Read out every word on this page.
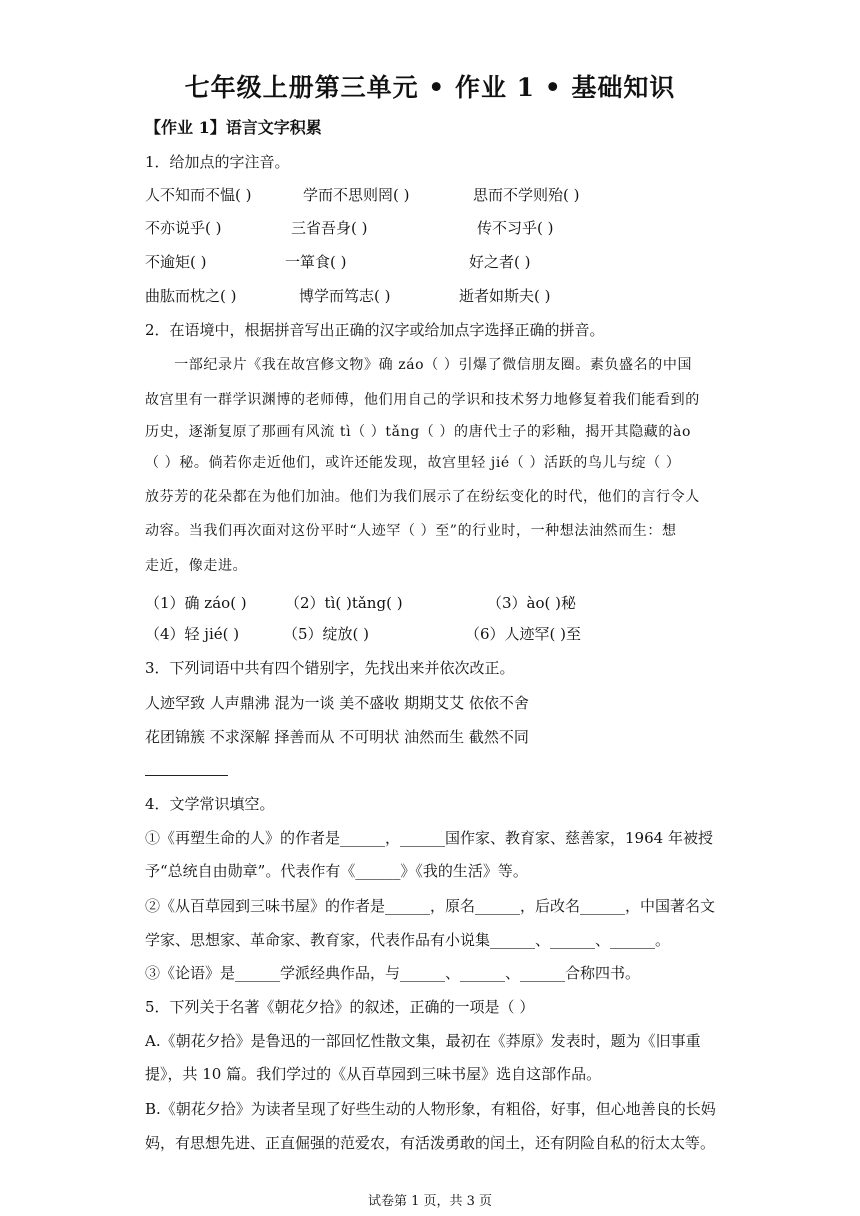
七年级上册第三单元 • 作业 1 • 基础知识
【作业 1】语言文字积累
1．给加点的字注音。
人不知而不愠( )	学而不思则罔( )	思而不学则殆( )
不亦说乎( )	三省吾身( )	传不习乎( )
不逾矩( )	一箪食( )	好之者( )
曲肱而枕之( )	博学而笃志( )	逝者如斯夫( )
2．在语境中，根据拼音写出正确的汉字或给加点字选择正确的拼音。
　　一部纪录片《我在故宫修文物》确 záo（ ）引爆了微信朋友圈。素负盛名的中国
故宫里有一群学识渊博的老师傅，他们用自己的学识和技术努力地修复着我们能看到的
历史，逐渐复原了那画有风流 tì（ ）tǎng（ ）的唐代士子的彩釉，揭开其隐藏的ào
（ ）秘。倘若你走近他们，或许还能发现，故宫里轻 jié（ ）活跃的鸟儿与绽（ ）
放芬芳的花朵都在为他们加油。他们为我们展示了在纷纭变化的时代，他们的言行令人
动容。当我们再次面对这份平时“人迹罕（ ）至”的行业时，一种想法油然而生：想
走近，像走进。
（1）确 záo( )	（2）tì( )tǎng( )	（3）ào( )秘
（4）轻 jié( )	（5）绽放( )	（6）人迹罕( )至
3．下列词语中共有四个错别字，先找出来并依次改正。
人迹罕致 人声鼎沸 混为一谈 美不盛收 期期艾艾 依依不舍
花团锦簇 不求深解 择善而从 不可明状 油然而生 截然不同
4．文学常识填空。
①《再塑生命的人》的作者是______，______国作家、教育家、慈善家，1964 年被授
予“总统自由勋章”。代表作有《______》《我的生活》等。
②《从百草园到三味书屋》的作者是______，原名______，后改名______，中国著名文
学家、思想家、革命家、教育家，代表作品有小说集______、______、______。
③《论语》是______学派经典作品，与______、______、______合称四书。
5．下列关于名著《朝花夕拾》的叙述，正确的一项是（ ）
A.《朝花夕拾》是鲁迅的一部回忆性散文集，最初在《莽原》发表时，题为《旧事重
提》，共 10 篇。我们学过的《从百草园到三味书屋》选自这部作品。
B.《朝花夕拾》为读者呈现了好些生动的人物形象，有粗俗，好事，但心地善良的长妈
妈，有思想先进、正直倔强的范爱农，有活泼勇敢的闰土，还有阴险自私的衍太太等。
试卷第 1 页，共 3 页
